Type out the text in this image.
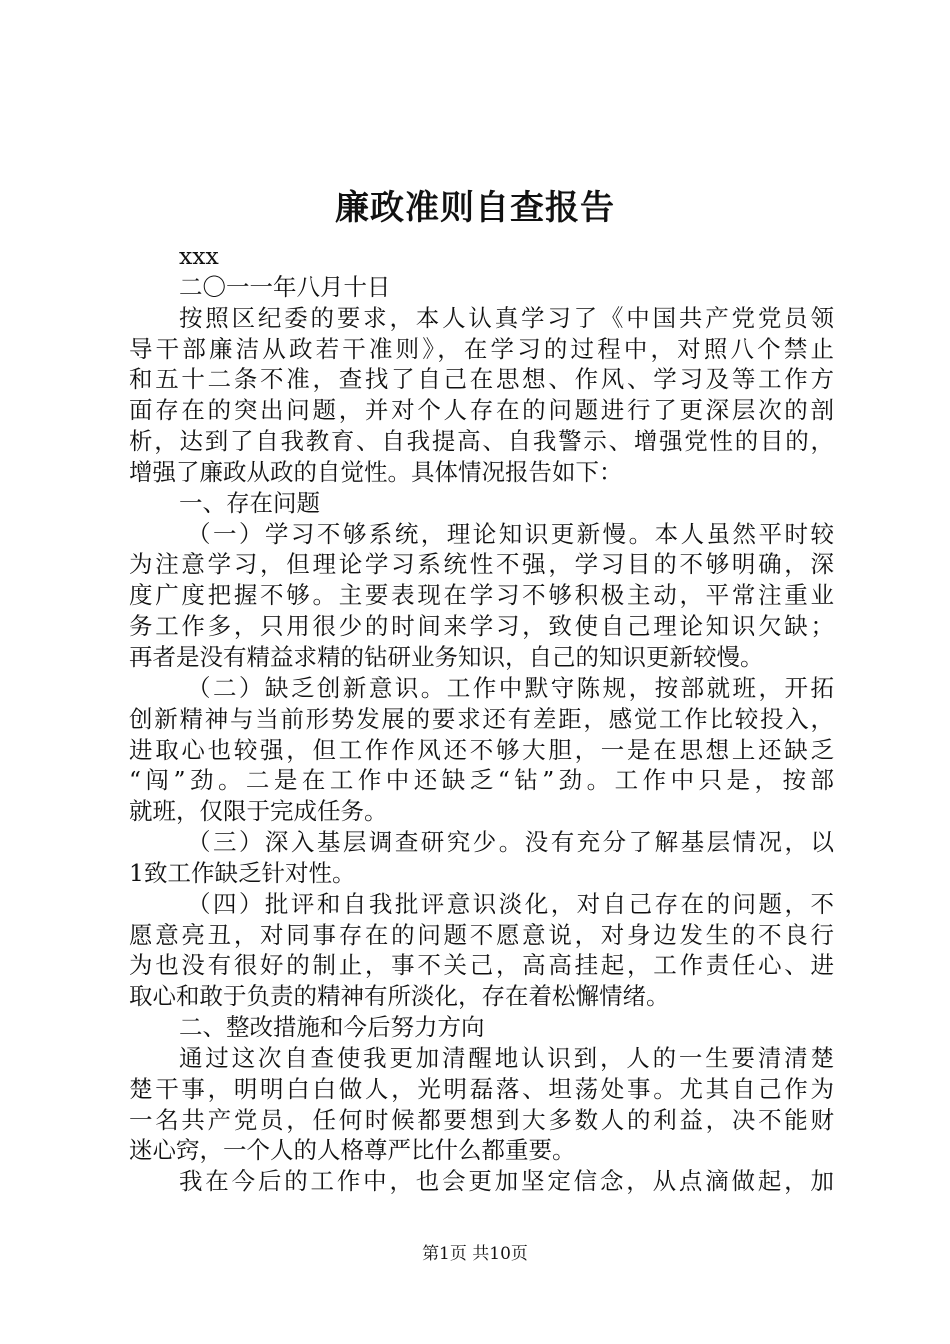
廉政准则自查报告
xxx
二〇一一年八月十日
按照区纪委的要求，本人认真学习了《中国共产党党员领
导干部廉洁从政若干准则》，在学习的过程中，对照八个禁止
和五十二条不准，查找了自己在思想、作风、学习及等工作方
面存在的突出问题，并对个人存在的问题进行了更深层次的剖
析，达到了自我教育、自我提高、自我警示、增强党性的目的，
增强了廉政从政的自觉性。具体情况报告如下：
一、存在问题
（一）学习不够系统，理论知识更新慢。本人虽然平时较
为注意学习，但理论学习系统性不强，学习目的不够明确，深
度广度把握不够。主要表现在学习不够积极主动，平常注重业
务工作多，只用很少的时间来学习，致使自己理论知识欠缺；
再者是没有精益求精的钻研业务知识，自己的知识更新较慢。
（二）缺乏创新意识。工作中默守陈规，按部就班，开拓
创新精神与当前形势发展的要求还有差距，感觉工作比较投入，
进取心也较强，但工作作风还不够大胆，一是在思想上还缺乏
“闯”劲。二是在工作中还缺乏“钻”劲。工作中只是，按部
就班，仅限于完成任务。
（三）深入基层调查研究少。没有充分了解基层情况，以
1致工作缺乏针对性。
（四）批评和自我批评意识淡化，对自己存在的问题，不
愿意亮丑，对同事存在的问题不愿意说，对身边发生的不良行
为也没有很好的制止，事不关己，高高挂起，工作责任心、进
取心和敢于负责的精神有所淡化，存在着松懈情绪。
二、整改措施和今后努力方向
通过这次自查使我更加清醒地认识到，人的一生要清清楚
楚干事，明明白白做人，光明磊落、坦荡处事。尤其自己作为
一名共产党员，任何时候都要想到大多数人的利益，决不能财
迷心窍，一个人的人格尊严比什么都重要。
我在今后的工作中，也会更加坚定信念，从点滴做起，加
第1页 共10页
